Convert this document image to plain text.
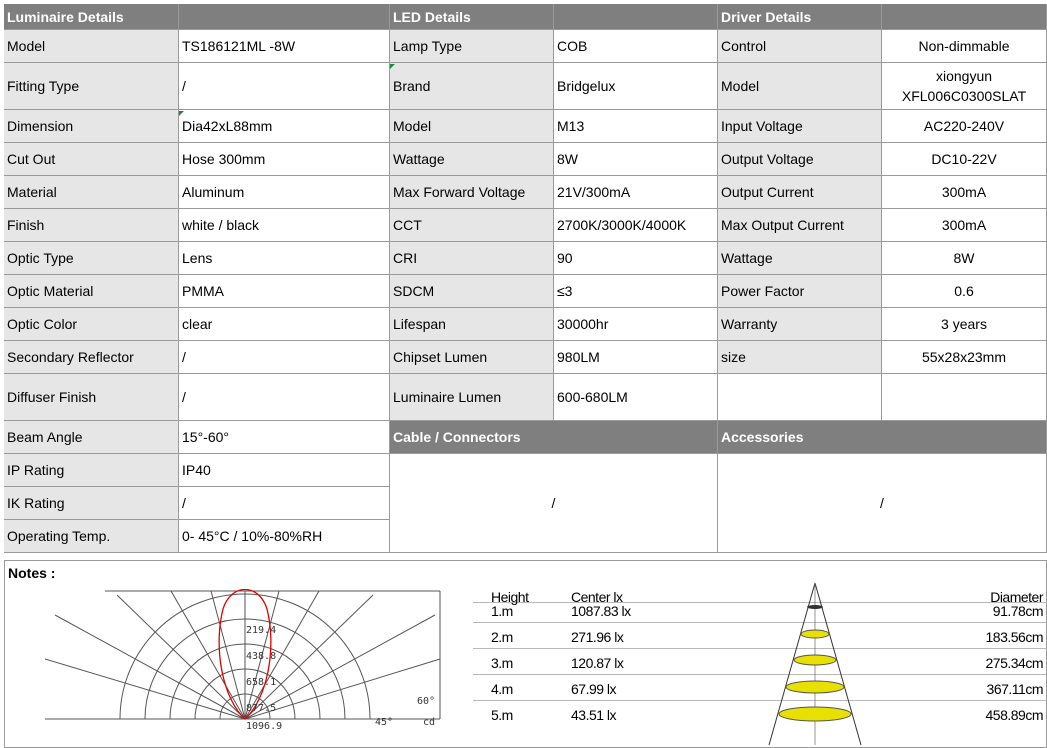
Luminaire Details	LED Details	Driver Details
Model	TS186121ML -8W	Lamp Type	COB	Control	Non-dimmable
Fitting Type	/	Brand	Bridgelux	Model
xiongyun
XFL006C0300SLAT
Dimension	Dia42xL88mm	Model	M13	Input Voltage	AC220-240V
Cut Out	Hose 300mm	Wattage	8W	Output Voltage	DC10-22V
Material	Aluminum	Max Forward Voltage	21V/300mA	Output Current	300mA
Finish	white / black	CCT	2700K/3000K/4000K	Max Output Current	300mA
Optic Type	Lens	CRI	90	Wattage	8W
Optic Material	PMMA	SDCM	≤3	Power Factor	0.6
Optic Color	clear	Lifespan	30000hr	Warranty	3 years
Secondary Reflector	/	Chipset Lumen	980LM	size	55x28x23mm
Diffuser Finish	/	Luminaire Lumen	600-680LM
Beam Angle	15°-60°
IP Rating	IP40
IK Rating	/
Operating Temp.	0- 45°C / 10%-80%RH
Cable / Connectors	Accessories
/	/
Notes :
219.4
438.8
658.1
877.5
1096.9	45°
60°
cd
Height	Center lx	Diameter
1.m	1087.83 lx	91.78cm
2.m	271.96 lx	183.56cm
3.m	120.87 lx	275.34cm
4.m	67.99 lx	367.11cm
5.m	43.51 lx	458.89cm
